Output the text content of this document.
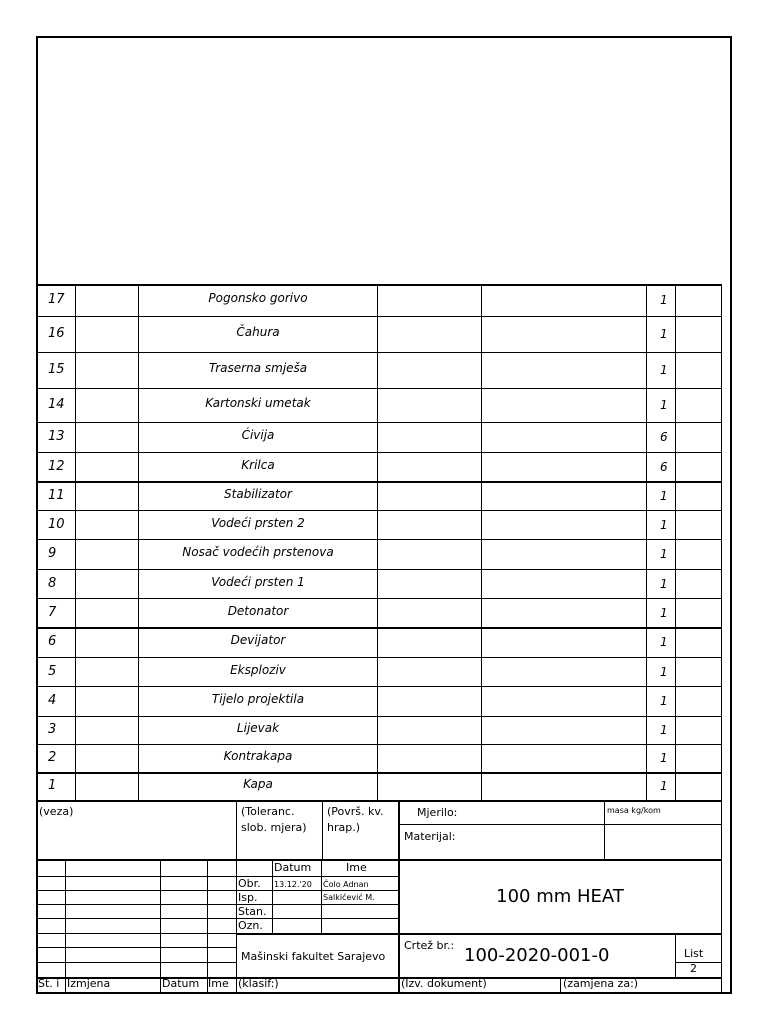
17	Pogonsko gorivo	1
16	Čahura	1
15	Traserna smješa	1
14	Kartonski umetak	1
13	Ćivija	6
12	Krilca	6
11	Stabilizator	1
10	Vodeći prsten 2	1
9	Nosač vodećih prstenova	1
8	Vodeći prsten 1	1
7	Detonator	1
6	Devijator	1
5	Eksploziv	1
4	Tijelo projektila	1
3	Lijevak	1
2	Kontrakapa	1
1	Kapa	1
(veza)	(Toleranc.
slob. mjera)
(Površ. kv.
hrap.)
Mjerilo:	masa kg/kom
Materijal:
Datum	Ime
Obr. 13.12.'20 Čolo Adnan
Isp.	Salkićević M.
Stan.
Ozn.
100 mm HEAT
Mašinski fakultet Sarajevo
Crtež br.: 100-2020-001-0	List
2
St. i Izmjena	Datum Ime (klasif:)	(Izv. dokument)	(zamjena za:)
